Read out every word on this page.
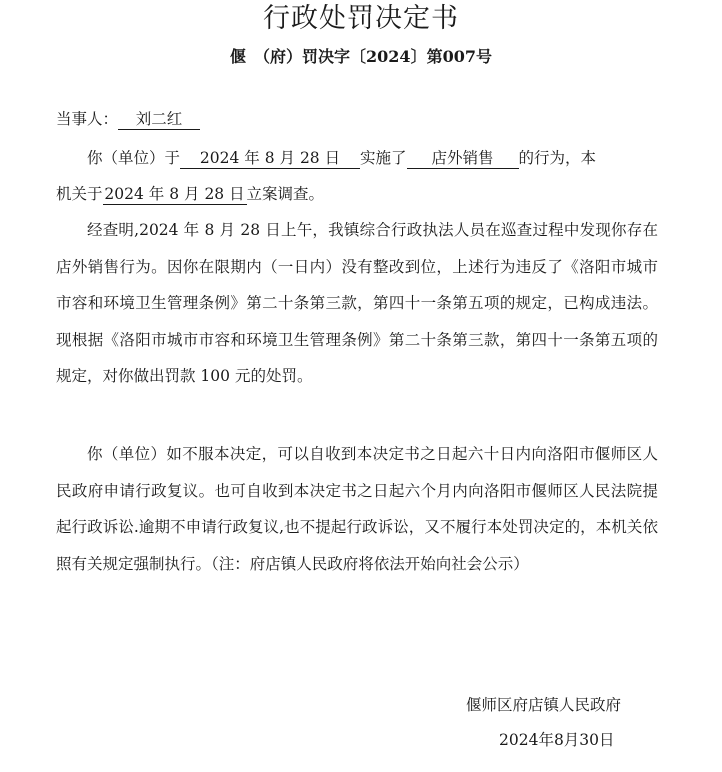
行政处罚决定书
偃　（府）罚决字〔2024〕第007号
当事人： 刘二红
你（单位）于 2024 年 8 月 28 日 实施了 店外销售 的行为，本
机关于 2024 年 8 月 28 日 立案调查。
经查明,2024 年 8 月 28 日上午，我镇综合行政执法人员在巡查过程中发现你存在店外销售行为。因你在限期内（一日内）没有整改到位，上述行为违反了《洛阳市城市市容和环境卫生管理条例》第二十条第三款，第四十一条第五项的规定，已构成违法。现根据《洛阳市城市市容和环境卫生管理条例》第二十条第三款，第四十一条第五项的规定，对你做出罚款 100 元的处罚。
你（单位）如不服本决定，可以自收到本决定书之日起六十日内向洛阳市偃师区人民政府申请行政复议。也可自收到本决定书之日起六个月内向洛阳市偃师区人民法院提起行政诉讼.逾期不申请行政复议,也不提起行政诉讼，又不履行本处罚决定的，本机关依照有关规定强制执行。（注：府店镇人民政府将依法开始向社会公示）
偃师区府店镇人民政府
2024年8月30日
